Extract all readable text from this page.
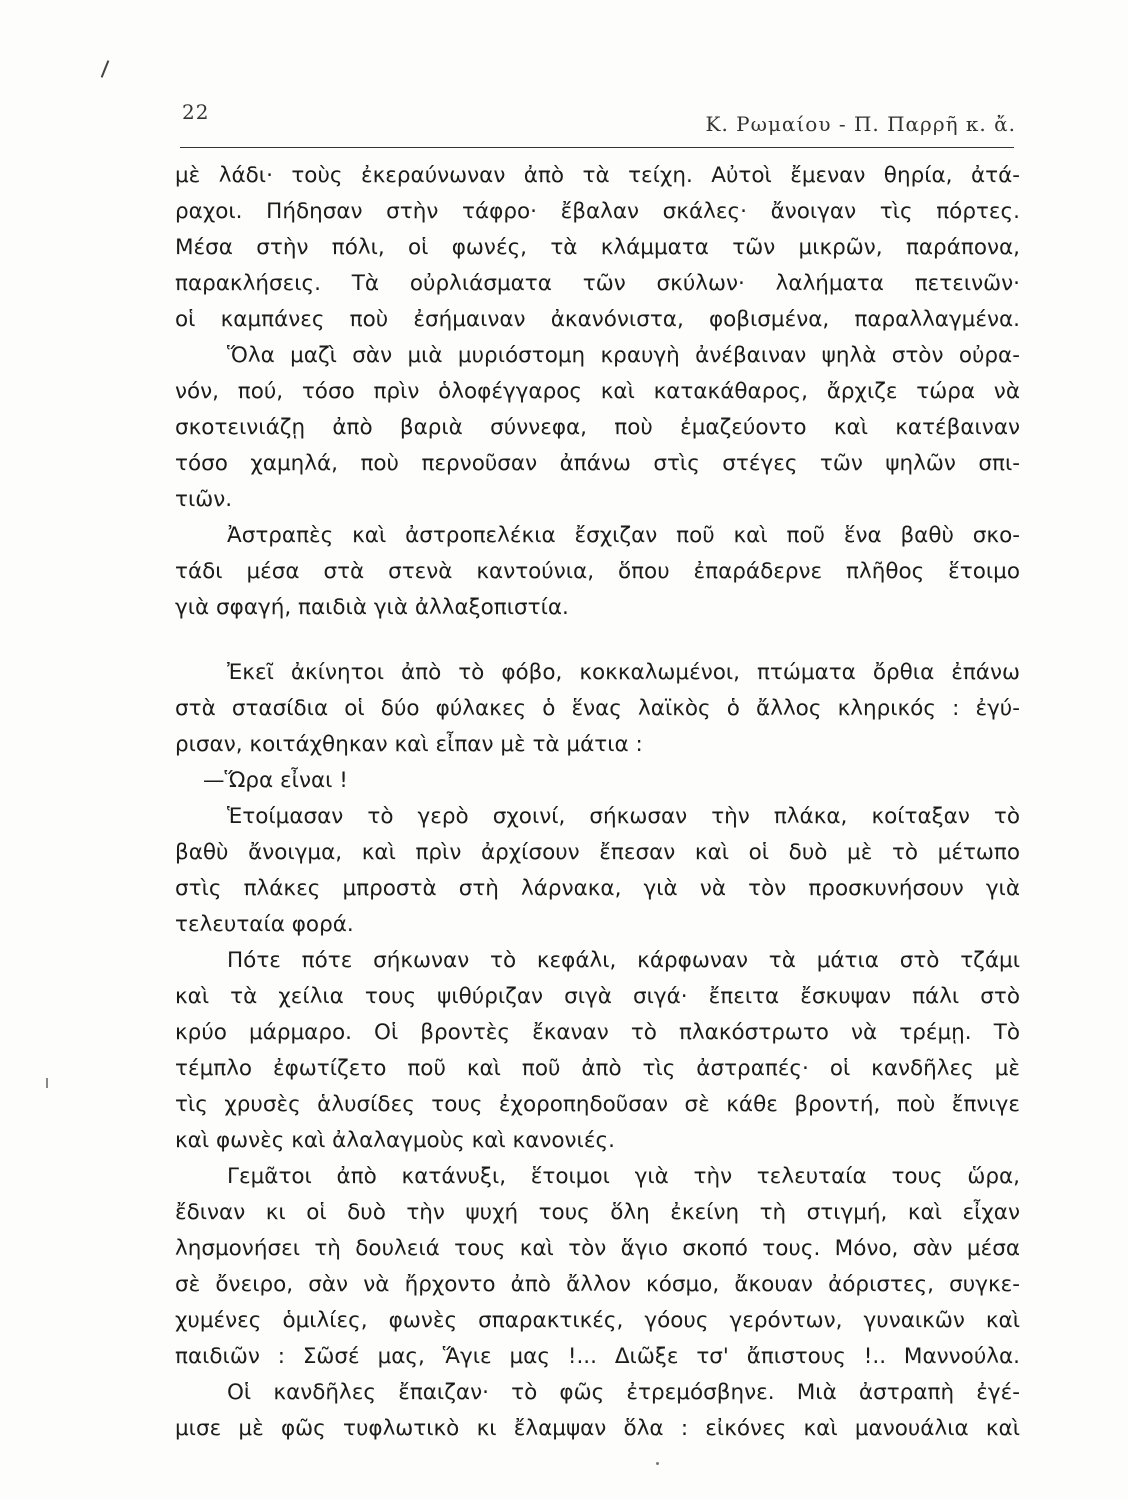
22	Κ. Ρωμαίου - Π. Παρρῆ κ. ἄ.
μὲ λάδι· τοὺς ἐκεραύνωναν ἀπὸ τὰ τείχη. Αὐτοὶ ἔμεναν θηρία, ἀτά-
ραχοι. Πήδησαν στὴν τάφρο· ἔβαλαν σκάλες· ἄνοιγαν τὶς πόρτες.
Μέσα στὴν πόλι, οἱ φωνές, τὰ κλάμματα τῶν μικρῶν, παράπονα,
παρακλήσεις. Τὰ οὐρλιάσματα τῶν σκύλων· λαλήματα πετεινῶν·
οἱ καμπάνες ποὺ ἐσήμαιναν ἀκανόνιστα, φοβισμένα, παραλλαγμένα.
Ὅλα μαζὶ σὰν μιὰ μυριόστομη κραυγὴ ἀνέβαιναν ψηλὰ στὸν οὐρα-
νόν, πού, τόσο πρὶν ὁλοφέγγαρος καὶ κατακάθαρος, ἄρχιζε τώρα νὰ
σκοτεινιάζῃ ἀπὸ βαριὰ σύννεφα, ποὺ ἐμαζεύοντο καὶ κατέβαιναν
τόσο χαμηλά, ποὺ περνοῦσαν ἀπάνω στὶς στέγες τῶν ψηλῶν σπι-
τιῶν.
Ἀστραπὲς καὶ ἀστροπελέκια ἔσχιζαν ποῦ καὶ ποῦ ἕνα βαθὺ σκο-
τάδι μέσα στὰ στενὰ καντούνια, ὅπου ἐπαράδερνε πλῆθος ἕτοιμο
γιὰ σφαγή, παιδιὰ γιὰ ἀλλαξοπιστία.
Ἐκεῖ ἀκίνητοι ἀπὸ τὸ φόβο, κοκκαλωμένοι, πτώματα ὄρθια ἐπάνω
στὰ στασίδια οἱ δύο φύλακες ὁ ἕνας λαϊκὸς ὁ ἄλλος κληρικός : ἐγύ-
ρισαν, κοιτάχθηκαν καὶ εἶπαν μὲ τὰ μάτια :
—Ὥρα εἶναι !
Ἑτοίμασαν τὸ γερὸ σχοινί, σήκωσαν τὴν πλάκα, κοίταξαν τὸ
βαθὺ ἄνοιγμα, καὶ πρὶν ἀρχίσουν ἔπεσαν καὶ οἱ δυὸ μὲ τὸ μέτωπο
στὶς πλάκες μπροστὰ στὴ λάρνακα, γιὰ νὰ τὸν προσκυνήσουν γιὰ
τελευταία φορά.
Πότε πότε σήκωναν τὸ κεφάλι, κάρφωναν τὰ μάτια στὸ τζάμι
καὶ τὰ χείλια τους ψιθύριζαν σιγὰ σιγά· ἔπειτα ἔσκυψαν πάλι στὸ
κρύο μάρμαρο. Οἱ βροντὲς ἔκαναν τὸ πλακόστρωτο νὰ τρέμῃ. Τὸ
τέμπλο ἐφωτίζετο ποῦ καὶ ποῦ ἀπὸ τὶς ἀστραπές· οἱ κανδῆλες μὲ
τὶς χρυσὲς ἁλυσίδες τους ἐχοροπηδοῦσαν σὲ κάθε βροντή, ποὺ ἔπνιγε
καὶ φωνὲς καὶ ἀλαλαγμοὺς καὶ κανονιές.
Γεμᾶτοι ἀπὸ κατάνυξι, ἕτοιμοι γιὰ τὴν τελευταία τους ὥρα,
ἔδιναν κι οἱ δυὸ τὴν ψυχή τους ὅλη ἐκείνη τὴ στιγμή, καὶ εἶχαν
λησμονήσει τὴ δουλειά τους καὶ τὸν ἅγιο σκοπό τους. Μόνο, σὰν μέσα
σὲ ὄνειρο, σὰν νὰ ἤρχοντο ἀπὸ ἄλλον κόσμο, ἄκουαν ἀόριστες, συγκε-
χυμένες ὁμιλίες, φωνὲς σπαρακτικές, γόους γερόντων, γυναικῶν καὶ
παιδιῶν : Σῶσέ μας, Ἅγιε μας !... Διῶξε τσ' ἄπιστους !.. Μαννούλα.
Οἱ κανδῆλες ἔπαιζαν· τὸ φῶς ἐτρεμόσβηνε. Μιὰ ἀστραπὴ ἐγέ-
μισε μὲ φῶς τυφλωτικὸ κι ἔλαμψαν ὅλα : εἰκόνες καὶ μανουάλια καὶ
